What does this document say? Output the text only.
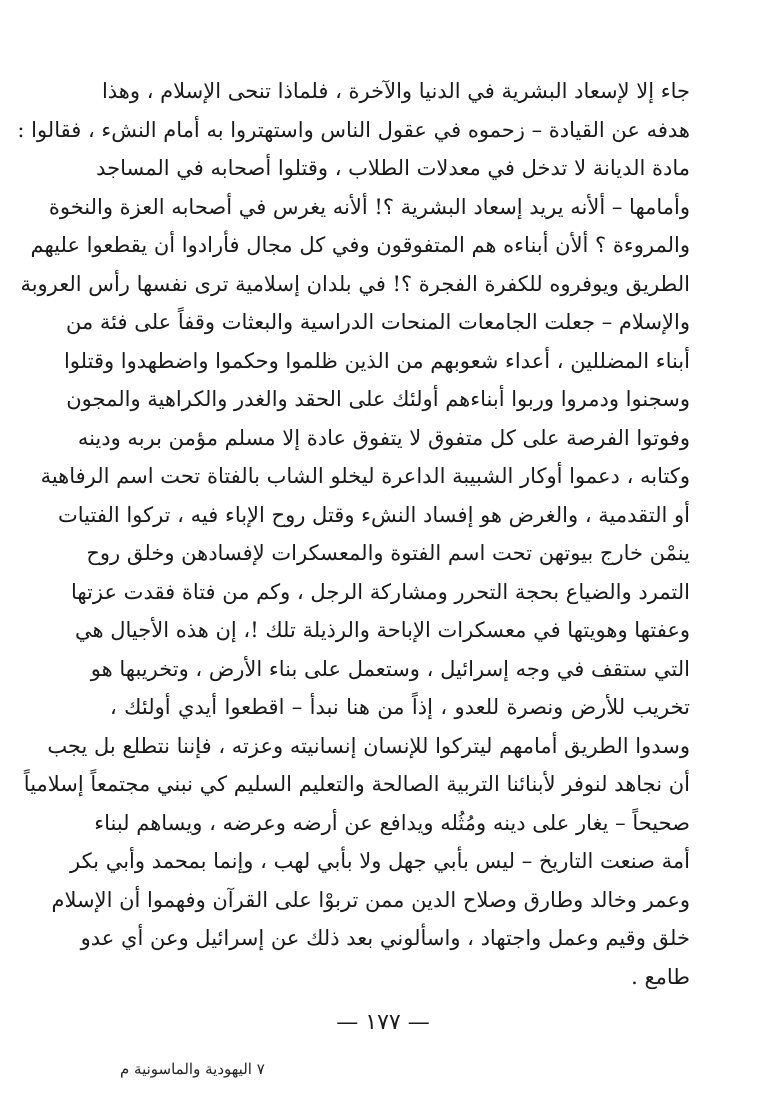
جاء إلا لإسعاد البشرية في الدنيا والآخرة ، فلماذا تنحى الإسلام ، وهذا
هدفه عن القيادة – زحموه في عقول الناس واستهتروا به أمام النشء ، فقالوا :
مادة الديانة لا تدخل في معدلات الطلاب ، وقتلوا أصحابه في المساجد
وأمامها – ألأنه يريد إسعاد البشرية ؟! ألأنه يغرس في أصحابه العزة والنخوة
والمروءة ؟ ألأن أبناءه هم المتفوقون وفي كل مجال فأرادوا أن يقطعوا عليهم
الطريق ويوفروه للكفرة الفجرة ؟! في بلدان إسلامية ترى نفسها رأس العروبة
والإسلام – جعلت الجامعات المنحات الدراسية والبعثات وقفاً على فئة من
أبناء المضللين ، أعداء شعوبهم من الذين ظلموا وحكموا واضطهدوا وقتلوا
وسجنوا ودمروا وربوا أبناءهم أولئك على الحقد والغدر والكراهية والمجون
وفوتوا الفرصة على كل متفوق لا يتفوق عادة إلا مسلم مؤمن بربه ودينه
وكتابه ، دعموا أوكار الشبيبة الداعرة ليخلو الشاب بالفتاة تحت اسم الرفاهية
أو التقدمية ، والغرض هو إفساد النشء وقتل روح الإباء فيه ، تركوا الفتيات
ينمْن خارج بيوتهن تحت اسم الفتوة والمعسكرات لإفسادهن وخلق روح
التمرد والضياع بحجة التحرر ومشاركة الرجل ، وكم من فتاة فقدت عزتها
وعفتها وهويتها في معسكرات الإباحة والرذيلة تلك !، إن هذه الأجيال هي
التي ستقف في وجه إسرائيل ، وستعمل على بناء الأرض ، وتخريبها هو
تخريب للأرض ونصرة للعدو ، إذاً من هنا نبدأ – اقطعوا أيدي أولئك ،
وسدوا الطريق أمامهم ليتركوا للإنسان إنسانيته وعزته ، فإننا نتطلع بل يجب
أن نجاهد لنوفر لأبنائنا التربية الصالحة والتعليم السليم كي نبني مجتمعاً إسلامياً
صحيحاً – يغار على دينه ومُثُله ويدافع عن أرضه وعرضه ، ويساهم لبناء
أمة صنعت التاريخ – ليس بأبي جهل ولا بأبي لهب ، وإنما بمحمد وأبي بكر
وعمر وخالد وطارق وصلاح الدين ممن تربوْا على القرآن وفهموا أن الإسلام
خلق وقيم وعمل واجتهاد ، واسألوني بعد ذلك عن إسرائيل وعن أي عدو
طامع .
— ١٧٧ —
٧ اليهودية والماسونية م
